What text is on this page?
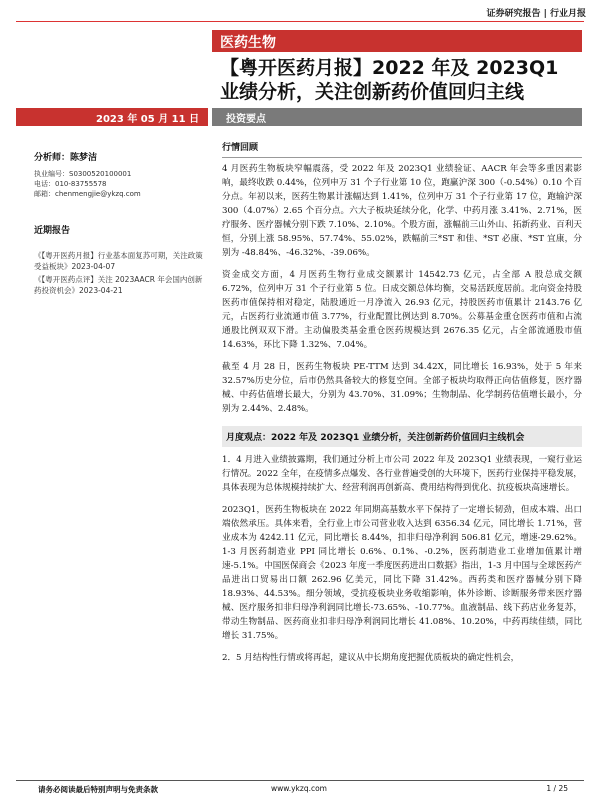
证券研究报告 | 行业月报
医药生物
【粤开医药月报】2022 年及 2023Q1
业绩分析，关注创新药价值回归主线
2023 年 05 月 11 日	投资要点
分析师：陈梦洁
执业编号：S0300520100001
电话：010-83755578
邮箱：chenmengjie@ykzq.com
近期报告
《【粤开医药月报】行业基本面复苏可期，关注政策受益板块》2023-04-07
《【粤开医药点评】关注 2023AACR 年会国内创新药投资机会》2023-04-21
行情回顾

4 月医药生物板块窄幅震荡，受 2022 年及 2023Q1 业绩验证、AACR 年会等多重因素影响，最终收跌 0.44%，位列申万 31 个子行业第 10 位，跑赢沪深 300（-0.54%）0.10 个百分点。年初以来，医药生物累计涨幅达到 1.41%，位列申万 31 个子行业第 17 位，跑输沪深 300（4.07%）2.65 个百分点。六大子板块延续分化，化学、中药月涨 3.41%、2.71%，医疗服务、医疗器械分别下跌 7.10%、2.10%。个股方面，涨幅前三山外山、拓新药业、百利天恒，分别上涨 58.95%、57.74%、55.02%，跌幅前三*ST 和佳、*ST 必康、*ST 宜康，分别为 -48.84%、-46.32%、-39.06%。

资金成交方面，4 月医药生物行业成交额累计 14542.73 亿元，占全部 A 股总成交额 6.72%，位列申万 31 个子行业第 5 位。日成交额总体均衡，交易活跃度居前。北向资金持股医药市值保持相对稳定，陆股通近一月净流入 26.93 亿元，持股医药市值累计 2143.76 亿元，占医药行业流通市值 3.77%，行业配置比例达到 8.70%。公募基金重仓医药市值和占流通股比例双双下滑。主动偏股类基金重仓医药规模达到 2676.35 亿元，占全部流通股市值 14.63%，环比下降 1.32%、7.04%。

截至 4 月 28 日，医药生物板块 PE-TTM 达到 34.42X，同比增长 16.93%，处于 5 年来 32.57%历史分位，后市仍然具备较大的修复空间。全部子板块均取得正向估值修复，医疗器械、中药估值增长最大，分别为 43.70%、31.09%；生物制品、化学制药估值增长最小，分别为 2.44%、2.48%。

月度观点：2022 年及 2023Q1 业绩分析，关注创新药价值回归主线机会

1．4 月进入业绩披露期，我们通过分析上市公司 2022 年及 2023Q1 业绩表现，一窥行业运行情况。2022 全年，在疫情多点爆发、各行业普遍受创的大环境下，医药行业保持平稳发展，具体表现为总体规模持续扩大、经营利润再创新高、费用结构得到优化、抗疫板块高速增长。

2023Q1，医药生物板块在 2022 年同期高基数水平下保持了一定增长韧劲，但成本端、出口端依然承压。具体来看，全行业上市公司营业收入达到 6356.34 亿元，同比增长 1.71%，营业成本为 4242.11 亿元，同比增长 8.44%，扣非归母净利润 506.81 亿元，增速-29.62%。1-3 月医药制造业 PPI 同比增长 0.6%、0.1%、-0.2%，医药制造业工业增加值累计增速-5.1%。中国医保商会《2023 年度一季度医药进出口数据》指出，1-3 月中国与全球医药产品进出口贸易出口额 262.96 亿美元，同比下降 31.42%。西药类和医疗器械分别下降 18.93%、44.53%。细分领域，受抗疫板块业务收缩影响，体外诊断、诊断服务带来医疗器械、医疗服务扣非归母净利润同比增长-73.65%、-10.77%。血液制品、线下药店业务复苏，带动生物制品、医药商业扣非归母净利润同比增长 41.08%、10.20%，中药再续佳绩，同比增长 31.75%。

2．5 月结构性行情或将再起，建议从中长期角度把握优质板块的确定性机会，

请务必阅读最后特别声明与免责条款	www.ykzq.com	1 / 25
